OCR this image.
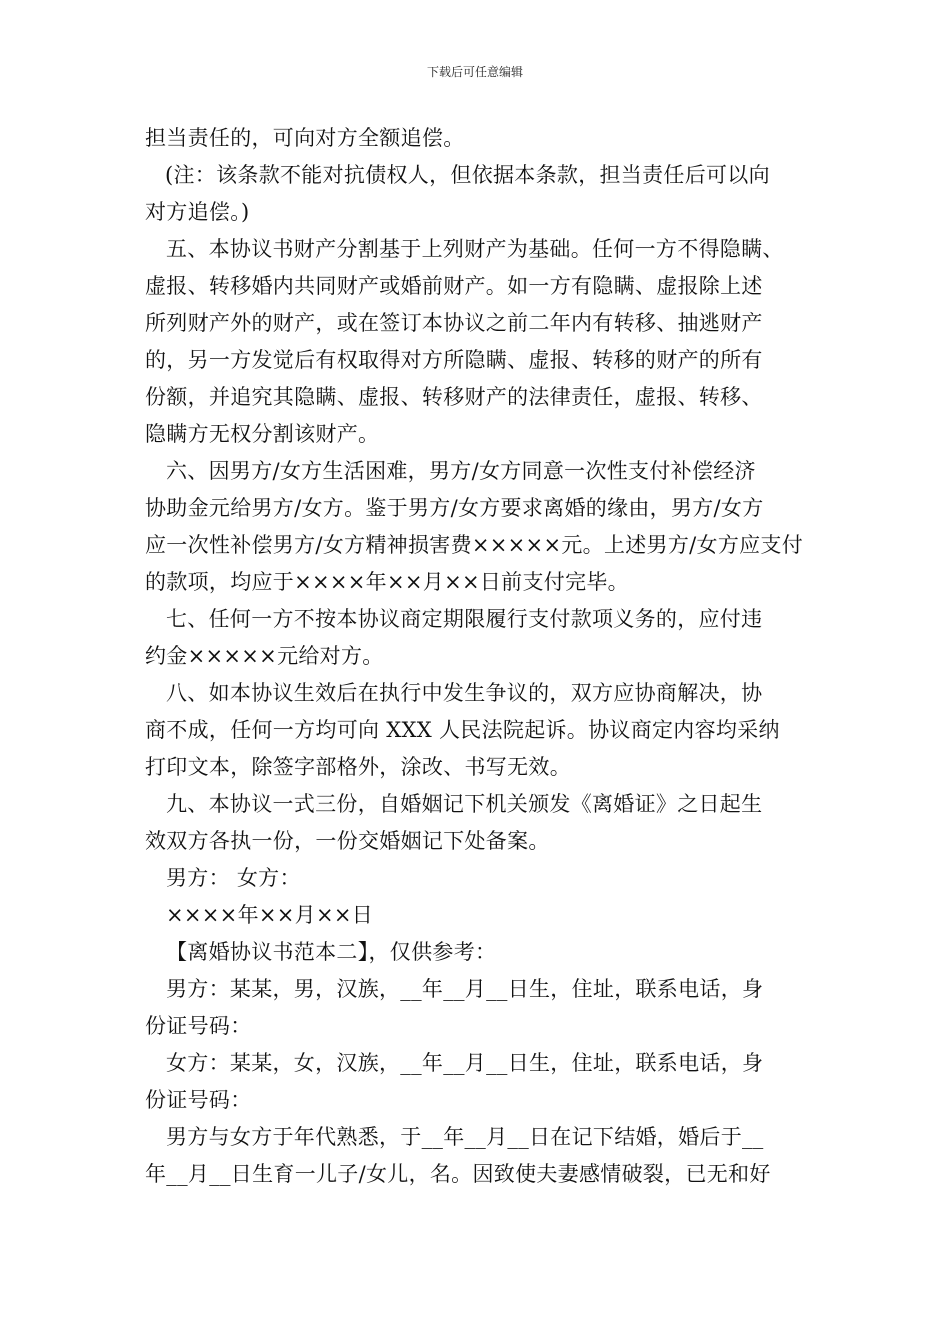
下载后可任意编辑
担当责任的，可向对方全额追偿。
(注：该条款不能对抗债权人，但依据本条款，担当责任后可以向
对方追偿。)
五、本协议书财产分割基于上列财产为基础。任何一方不得隐瞒、
虚报、转移婚内共同财产或婚前财产。如一方有隐瞒、虚报除上述
所列财产外的财产，或在签订本协议之前二年内有转移、抽逃财产
的，另一方发觉后有权取得对方所隐瞒、虚报、转移的财产的所有
份额，并追究其隐瞒、虚报、转移财产的法律责任，虚报、转移、
隐瞒方无权分割该财产。
六、因男方/女方生活困难，男方/女方同意一次性支付补偿经济
协助金元给男方/女方。鉴于男方/女方要求离婚的缘由，男方/女方
应一次性补偿男方/女方精神损害费×××××元。上述男方/女方应支付
的款项，均应于××××年××月××日前支付完毕。
七、任何一方不按本协议商定期限履行支付款项义务的，应付违
约金×××××元给对方。
八、如本协议生效后在执行中发生争议的，双方应协商解决，协
商不成，任何一方均可向 XXX 人民法院起诉。协议商定内容均采纳
打印文本，除签字部格外，涂改、书写无效。
九、本协议一式三份，自婚姻记下机关颁发《离婚证》之日起生
效双方各执一份，一份交婚姻记下处备案。
男方： 女方：
××××年××月××日
【离婚协议书范本二】，仅供参考：
男方：某某，男，汉族，__年__月__日生，住址，联系电话，身
份证号码：
女方：某某，女，汉族，__年__月__日生，住址，联系电话，身
份证号码：
男方与女方于年代熟悉，于__年__月__日在记下结婚，婚后于__
年__月__日生育一儿子/女儿，名。因致使夫妻感情破裂，已无和好
